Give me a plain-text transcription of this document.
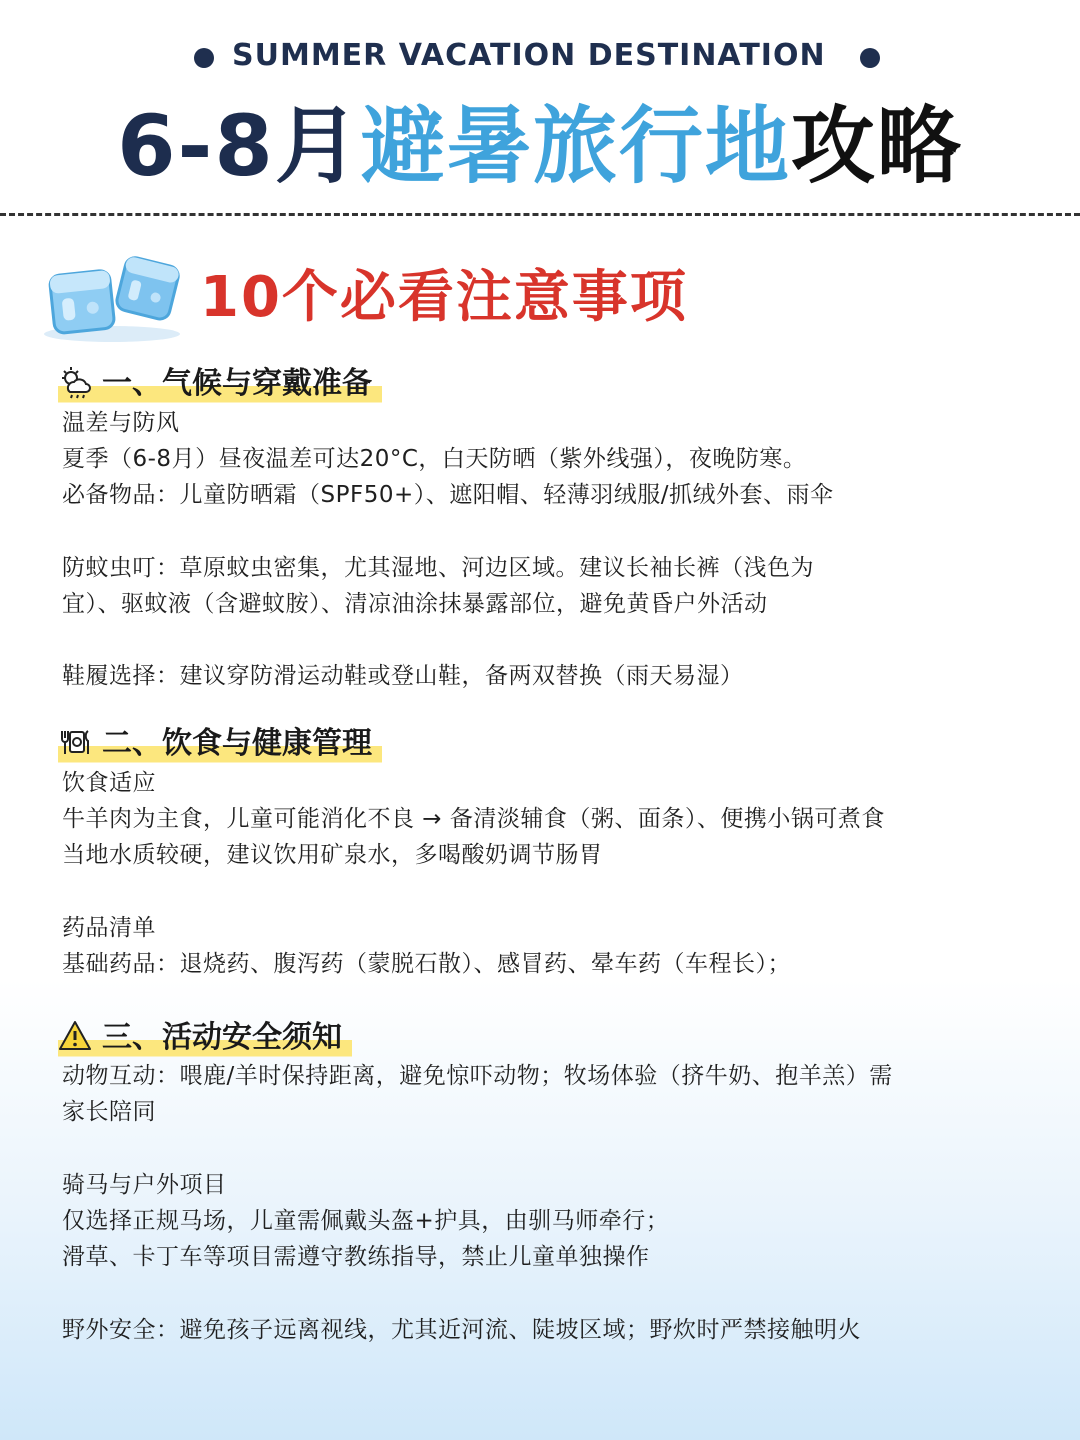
SUMMER VACATION DESTINATION
6-8月避暑旅行地攻略
10个必看注意事项
一、气候与穿戴准备
温差与防风
夏季（6-8月）昼夜温差可达20°C，白天防晒（紫外线强），夜晚防寒。
必备物品：儿童防晒霜（SPF50+）、遮阳帽、轻薄羽绒服/抓绒外套、雨伞
防蚊虫叮：草原蚊虫密集，尤其湿地、河边区域。建议长袖长裤（浅色为
宜）、驱蚊液（含避蚊胺）、清凉油涂抹暴露部位，避免黄昏户外活动
鞋履选择：建议穿防滑运动鞋或登山鞋，备两双替换（雨天易湿）
二、饮食与健康管理
饮食适应
牛羊肉为主食，儿童可能消化不良 → 备清淡辅食（粥、面条）、便携小锅可煮食
当地水质较硬，建议饮用矿泉水，多喝酸奶调节肠胃
药品清单
基础药品：退烧药、腹泻药（蒙脱石散）、感冒药、晕车药（车程长）；
三、活动安全须知
动物互动：喂鹿/羊时保持距离，避免惊吓动物；牧场体验（挤牛奶、抱羊羔）需
家长陪同
骑马与户外项目
仅选择正规马场，儿童需佩戴头盔+护具，由驯马师牵行；
滑草、卡丁车等项目需遵守教练指导，禁止儿童单独操作
野外安全：避免孩子远离视线，尤其近河流、陡坡区域；野炊时严禁接触明火
